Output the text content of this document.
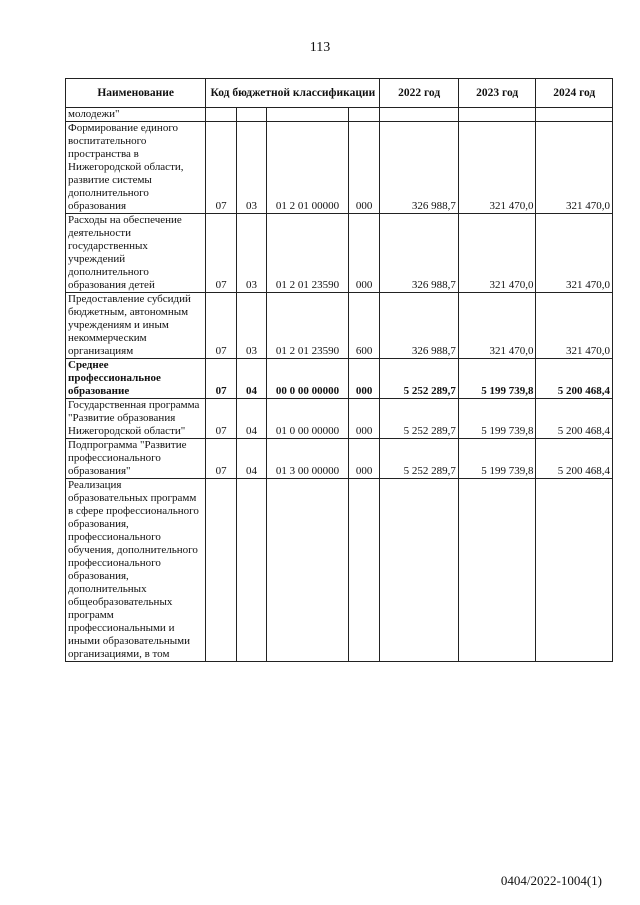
113
Наименование	Код бюджетной классификации				2022 год	2023 год	2024 год
молодежи"							
Формирование единого воспитательного пространства в Нижегородской области, развитие системы дополнительного образования	07	03	01 2 01 00000	000	326 988,7	321 470,0	321 470,0
Расходы на обеспечение деятельности государственных учреждений дополнительного образования детей	07	03	01 2 01 23590	000	326 988,7	321 470,0	321 470,0
Предоставление субсидий бюджетным, автономным учреждениям и иным некоммерческим организациям	07	03	01 2 01 23590	600	326 988,7	321 470,0	321 470,0
Среднее профессиональное образование	07	04	00 0 00 00000	000	5 252 289,7	5 199 739,8	5 200 468,4
Государственная программа "Развитие образования Нижегородской области"	07	04	01 0 00 00000	000	5 252 289,7	5 199 739,8	5 200 468,4
Подпрограмма "Развитие профессионального образования"	07	04	01 3 00 00000	000	5 252 289,7	5 199 739,8	5 200 468,4
Реализация образовательных программ в сфере профессионального образования, профессионального обучения, дополнительного профессионального образования, дополнительных общеобразовательных программ профессиональными и иными образовательными организациями, в том							
0404/2022-1004(1)
